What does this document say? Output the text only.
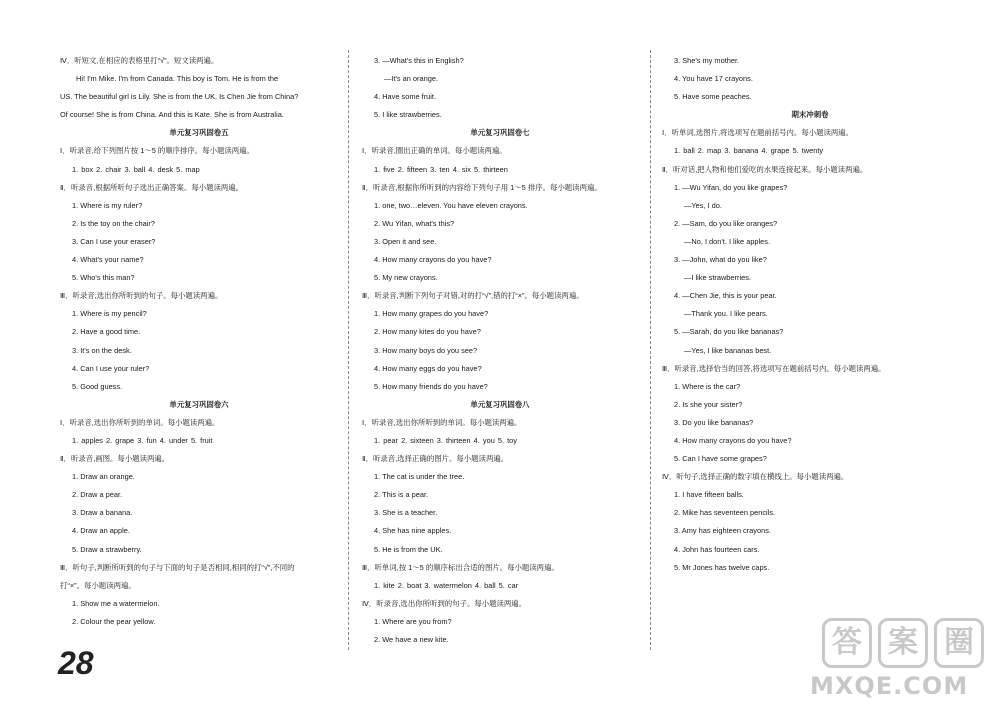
Ⅳ．听短文,在相应的表格里打“√”。短文读两遍。
Hi! I'm Mike. I'm from Canada. This boy is Tom. He is from the
US. The beautiful girl is Lily. She is from the UK. Is Chen Jie from China?
Of course! She is from China. And this is Kate. She is from Australia.
单元复习巩固卷五
Ⅰ．听录音,给下列图片按 1～5 的顺序排序。每小题读两遍。
1. box 2. chair 3. ball 4. desk 5. map
Ⅱ．听录音,根据所听句子选出正确答案。每小题读两遍。
1. Where is my ruler?
2. Is the toy on the chair?
3. Can I use your eraser?
4. What's your name?
5. Who's this man?
Ⅲ．听录音,选出你所听到的句子。每小题读两遍。
1. Where is my pencil?
2. Have a good time.
3. It's on the desk.
4. Can I use your ruler?
5. Good guess.
单元复习巩固卷六
Ⅰ．听录音,选出你所听到的单词。每小题读两遍。
1. apples 2. grape 3. fun 4. under 5. fruit
Ⅱ．听录音,画图。每小题读两遍。
1. Draw an orange.
2. Draw a pear.
3. Draw a banana.
4. Draw an apple.
5. Draw a strawberry.
Ⅲ．听句子,判断所听到的句子与下面的句子是否相同,相同的打“√”,不同的
打“×”。每小题读两遍。
1. Show me a watermelon.
2. Colour the pear yellow.
3. —What's this in English?
—It's an orange.
4. Have some fruit.
5. I like strawberries.
单元复习巩固卷七
Ⅰ．听录音,圈出正确的单词。每小题读两遍。
1. five 2. fifteen 3. ten 4. six 5. thirteen
Ⅱ．听录音,根据你所听到的内容给下列句子用 1～5 排序。每小题读两遍。
1. one, two…eleven. You have eleven crayons.
2. Wu Yifan, what's this?
3. Open it and see.
4. How many crayons do you have?
5. My new crayons.
Ⅲ．听录音,判断下列句子对错,对的打“√”,错的打“×”。每小题读两遍。
1. How many grapes do you have?
2. How many kites do you have?
3. How many boys do you see?
4. How many eggs do you have?
5. How many friends do you have?
单元复习巩固卷八
Ⅰ．听录音,选出你所听到的单词。每小题读两遍。
1. pear 2. sixteen 3. thirteen 4. you 5. toy
Ⅱ．听录音,选择正确的图片。每小题读两遍。
1. The cat is under the tree.
2. This is a pear.
3. She is a teacher.
4. She has nine apples.
5. He is from the UK.
Ⅲ．听单词,按 1～5 的顺序标出合适的图片。每小题读两遍。
1. kite 2. boat 3. watermelon 4. ball 5. car
Ⅳ．听录音,选出你所听到的句子。每小题读两遍。
1. Where are you from?
2. We have a new kite.
3. She's my mother.
4. You have 17 crayons.
5. Have some peaches.
期末冲刺卷
Ⅰ．听单词,选图片,将选项写在题前括号内。每小题读两遍。
1. ball 2. map 3. banana 4. grape 5. twenty
Ⅱ．听对话,把人物和他们爱吃的水果连接起来。每小题读两遍。
1. —Wu Yifan, do you like grapes?
—Yes, I do.
2. —Sam, do you like oranges?
—No, I don't. I like apples.
3. —John, what do you like?
—I like strawberries.
4. —Chen Jie, this is your pear.
—Thank you. I like pears.
5. —Sarah, do you like bananas?
—Yes, I like bananas best.
Ⅲ．听录音,选择恰当的回答,将选项写在题前括号内。每小题读两遍。
1. Where is the car?
2. Is she your sister?
3. Do you like bananas?
4. How many crayons do you have?
5. Can I have some grapes?
Ⅳ．听句子,选择正确的数字填在横线上。每小题读两遍。
1. I have fifteen balls.
2. Mike has seventeen pencils.
3. Amy has eighteen crayons.
4. John has fourteen cars.
5. Mr Jones has twelve caps.
28
答 案 圈
MXQE.COM
